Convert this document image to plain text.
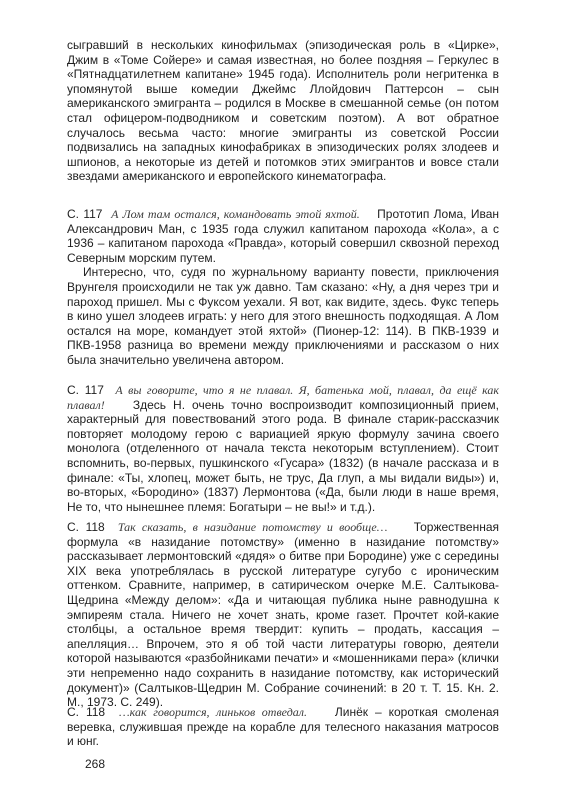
сыгравший в нескольких кинофильмах (эпизодическая роль в «Цирке», Джим в «Томе Сойере» и самая известная, но более поздняя – Геркулес в «Пятнадцатилетнем капитане» 1945 года). Исполнитель роли негритенка в упомянутой выше комедии Джеймс Ллойдович Паттерсон – сын американского эмигранта – родился в Москве в смешанной семье (он потом стал офицером-подводником и советским поэтом). А вот обратное случалось весьма часто: многие эмигранты из советской России подвизались на западных кинофабриках в эпизодических ролях злодеев и шпионов, а некоторые из детей и потомков этих эмигрантов и вовсе стали звездами американского и европейского кинематографа.

С. 117 А Лом там остался, командовать этой яхтой. Прототип Лома, Иван Александрович Ман, с 1935 года служил капитаном парохода «Кола», а с 1936 – капитаном парохода «Правда», который совершил сквозной переход Северным морским путем.

Интересно, что, судя по журнальному варианту повести, приключения Врунгеля происходили не так уж давно. Там сказано: «Ну, а дня через три и пароход пришел. Мы с Фуксом уехали. Я вот, как видите, здесь. Фукс теперь в кино ушел злодеев играть: у него для этого внешность подходящая. А Лом остался на море, командует этой яхтой» (Пионер-12: 114). В ПКВ-1939 и ПКВ-1958 разница во времени между приключениями и рассказом о них была значительно увеличена автором.

С. 117 А вы говорите, что я не плавал. Я, батенька мой, плавал, да ещё как плавал! Здесь Н. очень точно воспроизводит композиционный прием, характерный для повествований этого рода. В финале старик-рассказчик повторяет молодому герою с вариацией яркую формулу зачина своего монолога (отделенного от начала текста некоторым вступлением). Стоит вспомнить, во-первых, пушкинского «Гусара» (1832) (в начале рассказа и в финале: «Ты, хлопец, может быть, не трус, Да глуп, а мы видали виды») и, во-вторых, «Бородино» (1837) Лермонтова («Да, были люди в наше время, Не то, что нынешнее племя: Богатыри – не вы!» и т.д.).

С. 118 Так сказать, в назидание потомству и вообще… Торжественная формула «в назидание потомству» (именно в назидание потомству» рассказывает лермонтовский «дядя» о битве при Бородине) уже с середины XIX века употреблялась в русской литературе сугубо с ироническим оттенком. Сравните, например, в сатирическом очерке М.Е. Салтыкова-Щедрина «Между делом»: «Да и читающая публика ныне равнодушна к эмпиреям стала. Ничего не хочет знать, кроме газет. Прочтет кой-какие столбцы, а остальное время твердит: купить – продать, кассация – апелляция… Впрочем, это я об той части литературы говорю, деятели которой называются «разбойниками печати» и «мошенниками пера» (клички эти непременно надо сохранить в назидание потомству, как исторический документ)» (Салтыков-Щедрин М. Собрание сочинений: в 20 т. Т. 15. Кн. 2. М., 1973. С. 249).

С. 118 …как говорится, линьков отведал. Линёк – короткая смоленая веревка, служившая прежде на корабле для телесного наказания матросов и юнг.

268
